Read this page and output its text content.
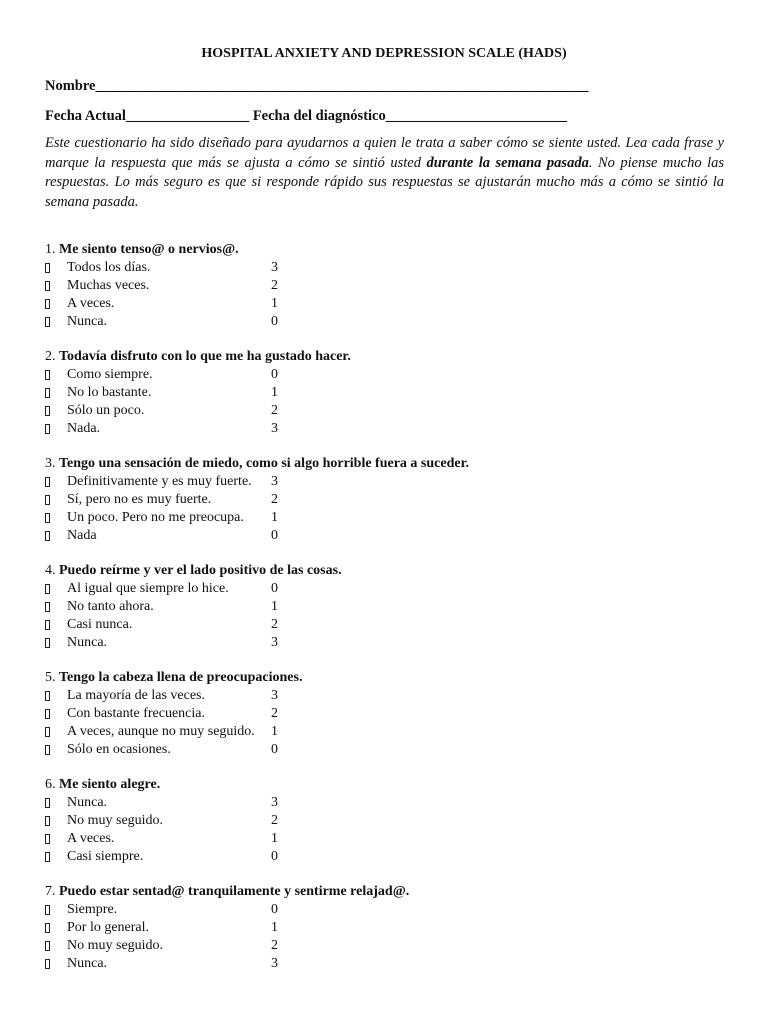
HOSPITAL ANXIETY AND DEPRESSION SCALE (HADS)
Nombre____________________________________________________________________
Fecha Actual_________________ Fecha del diagnóstico_________________________
Este cuestionario ha sido diseñado para ayudarnos a quien le trata a saber cómo se siente usted. Lea cada frase y marque la respuesta que más se ajusta a cómo se sintió usted durante la semana pasada. No piense mucho las respuestas. Lo más seguro es que si responde rápido sus respuestas se ajustarán mucho más a cómo se sintió la semana pasada.
1. Me siento tenso@ o nervios@.
Todos los días.	3
Muchas veces.	2
A veces.	1
Nunca.	0
2. Todavía disfruto con lo que me ha gustado hacer.
Como siempre.	0
No lo bastante.	1
Sólo un poco.	2
Nada.	3
3. Tengo una sensación de miedo, como si algo horrible fuera a suceder.
Definitivamente y es muy fuerte. 3
Sí, pero no es muy fuerte.	2
Un poco. Pero no me preocupa. 1
Nada	0
4. Puedo reírme y ver el lado positivo de las cosas.
Al igual que siempre lo hice.	0
No tanto ahora.	1
Casi nunca.	2
Nunca.	3
5. Tengo la cabeza llena de preocupaciones.
La mayoría de las veces.	3
Con bastante frecuencia.	2
A veces, aunque no muy seguido. 1
Sólo en ocasiones.	0
6. Me siento alegre.
Nunca.	3
No muy seguido.	2
A veces.	1
Casi siempre.	0
7. Puedo estar sentad@ tranquilamente y sentirme relajad@.
Siempre.	0
Por lo general.	1
No muy seguido.	2
Nunca.	3
